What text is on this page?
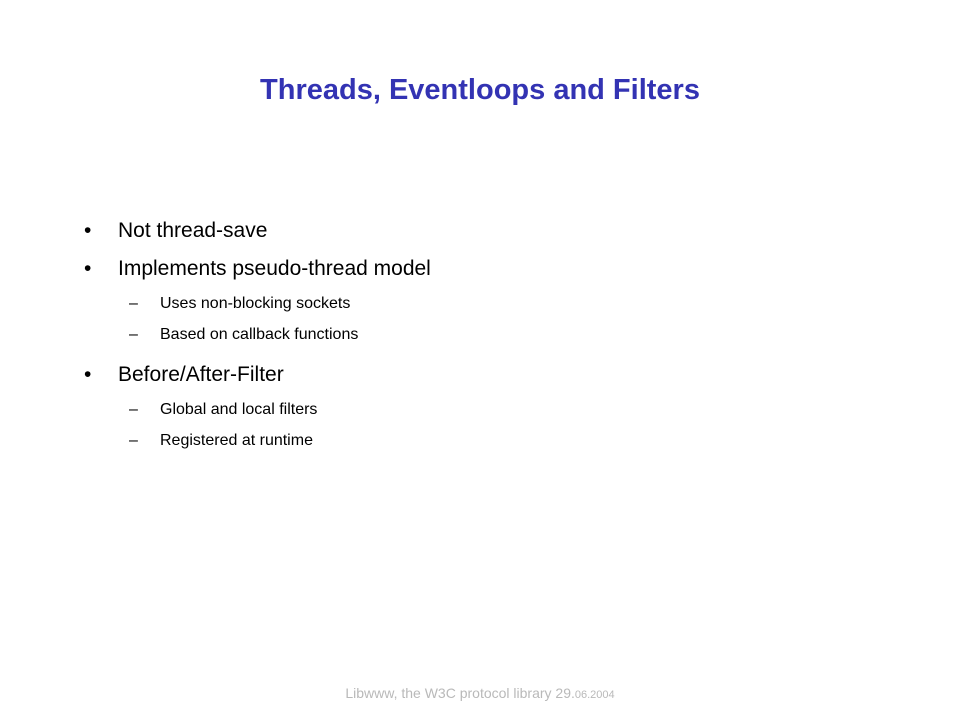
Threads, Eventloops and Filters
• Not thread-save
• Implements pseudo-thread model
– Uses non-blocking sockets
– Based on callback functions
• Before/After-Filter
– Global and local filters
– Registered at runtime
Libwww, the W3C protocol library 29.06.2004
